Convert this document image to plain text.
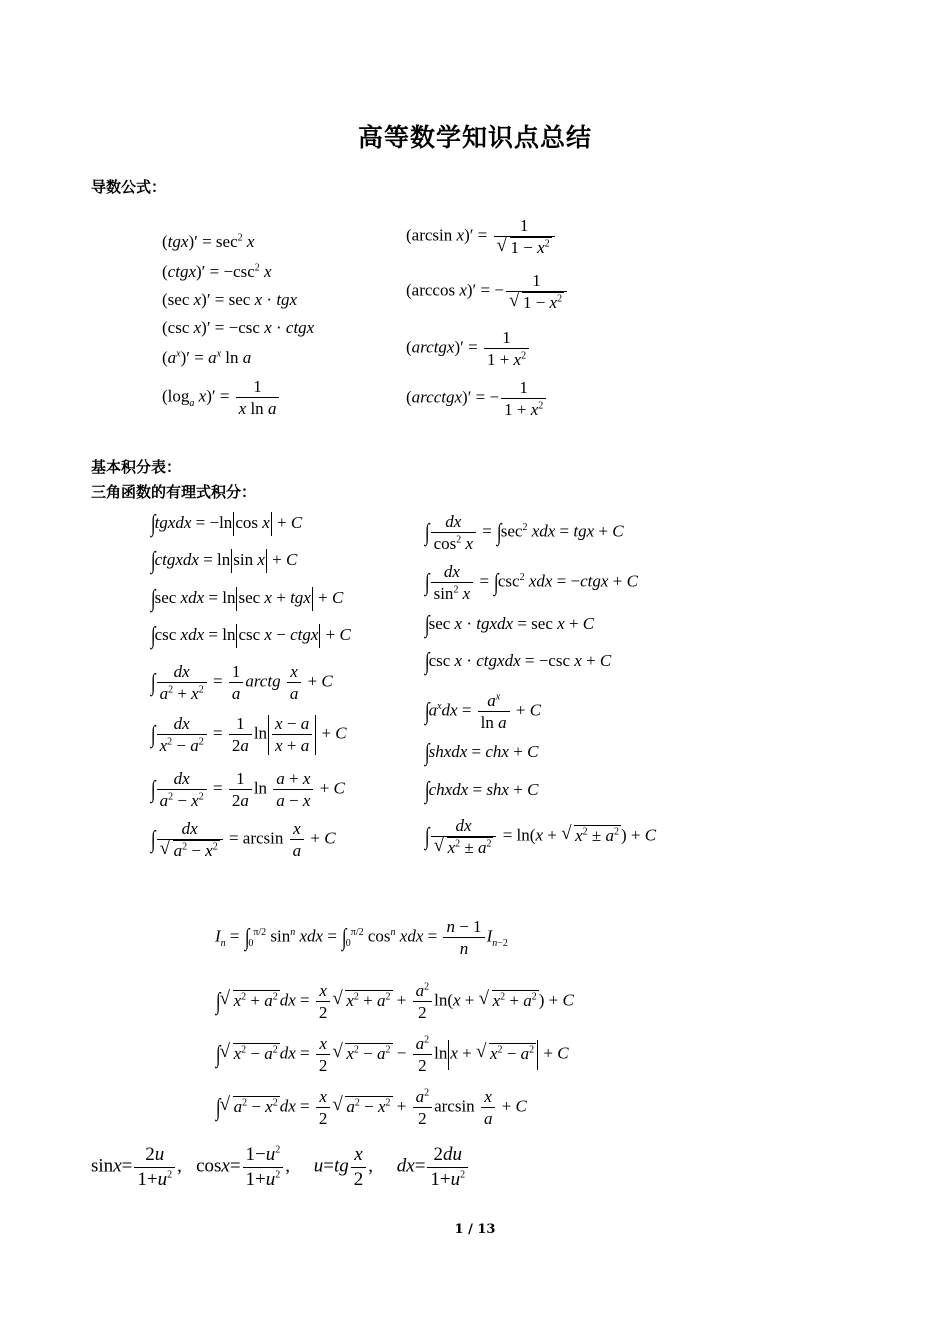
高等数学知识点总结
导数公式：
$(tgx)' = \sec^2 x$
(ctgx)′ = $-\csc^2$ x
(sec x)′ = sec x · tgx
(csc x)′ = −csc x · ctgx
$(a^x)' = a^x$ ln a
($\log_a$ $x)' = \frac{1}{\text{x ln a}}$
(arcsin x)′ = 1
√ $1 - x^2$
(arccos x)′ = − 1
√ $1 - x^2$
(arctgx)′ = $\frac{1}{1 + x^2}$
(arcctgx)′ = − $\frac{1}{1 + x^2}$
基本积分表：
三角函数的有理式积分：
∫tgxdx = −ln cos x + C
∫ctgxdx = ln sin x + C
∫sec xdx = ln sec x + tgx + C
∫csc xdx = ln csc x − ctgx + C
∫ $\frac{dx}{a^2 + x^2} = \frac{1}{a}$ arctg $\frac{x}{a} + C$
∫ $\frac{dx}{x^2 - a^2} = \frac{1}{2a}$ $\ln \frac{x - a}{x + a} + C$
∫ $\frac{dx}{a^2 - x^2} = \frac{1}{2a}$ $\ln \frac{a + x}{a - x} + C$
∫ dx
√ $a^2 - x^2 = \arcsin \frac{x}{a} + C$
∫ $\frac{dx}{\cos^2 x} = \int\sec^2$ xdx = tgx + C
∫ $\frac{dx}{\sin^2 x} = \int\csc^2$ xdx = −ctgx + C
∫sec x · tgxdx = sec x + C
∫csc x · ctgxdx = −csc x + C
$\int a^xdx = \frac{a^x}{\text{ln a}} + C$
∫shxdx = chx + C
∫chxdx = shx + C
∫ dx
√ $x^2 \pm a^2 = \ln(x$ + √ $x^2 \pm a^2$ ) + C
$I_n = \int_0^{\pi/2}$ $\sin^n$ xdx = $\int_0^{\pi/2}$ $\cos^n$ xdx = $\frac{n - 1}{n} I_{n-2}$
∫ √ $x^2 + a^2$ dx = $\frac{x}{2}$ √ $x^2 + a^2 + \frac{a^2}{2} \ln(x$ + √ $x^2 + a^2$ ) + C
∫ √ $x^2 - a^2$ dx = $\frac{x}{2}$ √ $x^2 - a^2 - \frac{a^2}{2}$ ln x + √ $x^2 - a^2 + C$
∫ √ $a^2 - x^2$ dx = $\frac{x}{2}$ √ $a^2 - x^2 + \frac{a^2}{2}$ $\arcsin \frac{x}{a} + C$
$\sin x= \frac{2u}{1+u^2}$ ,   $\cos x= \frac{1-u^2}{1+u^2}$ ,     $u=tg \frac{x}{2}$ ,     $dx= \frac{2du}{1+u^2}$
1 / 13
